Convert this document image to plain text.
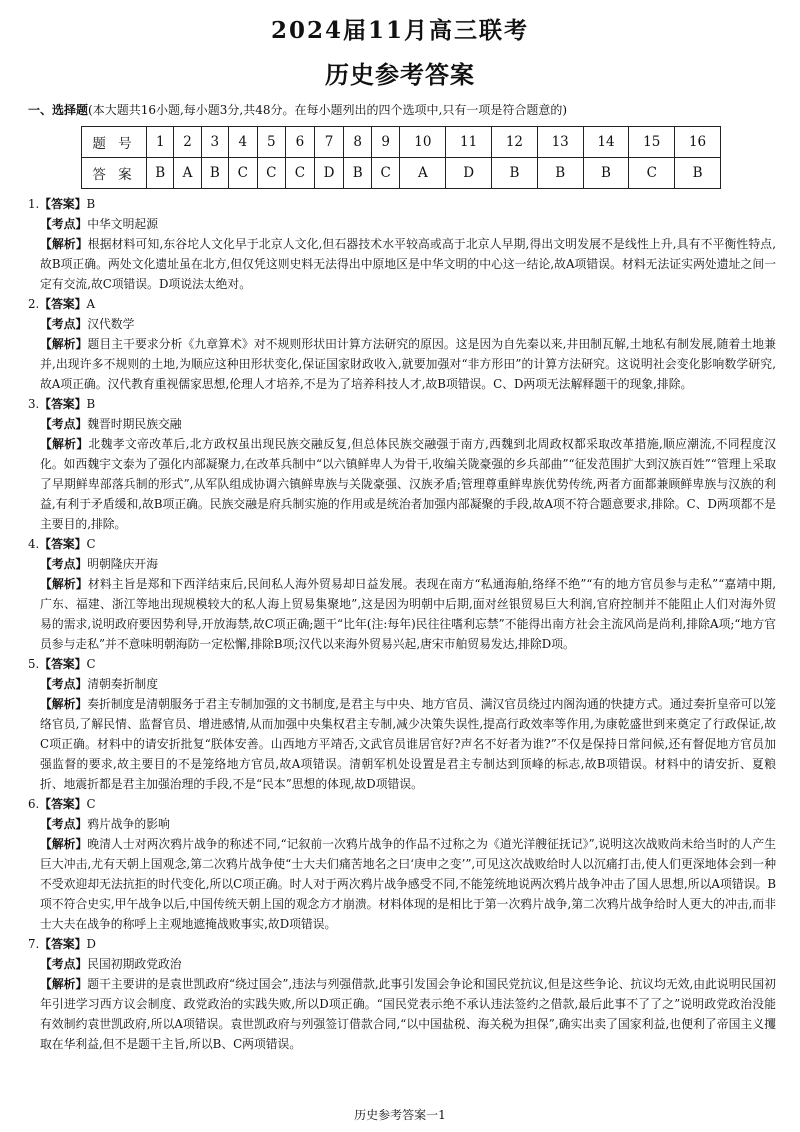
2024届11月高三联考
历史参考答案
一、选择题(本大题共16小题,每小题3分,共48分。在每小题列出的四个选项中,只有一项是符合题意的)
题 号	1	2	3	4	5	6	7	8	9	10	11	12	13	14	15	16
答 案	B	A	B	C	C	C	D	B	C	A	D	B	B	B	C	B
1.【答案】B
【考点】中华文明起源
【解析】根据材料可知,东谷坨人文化早于北京人文化,但石器技术水平较高或高于北京人早期,得出文明发展不是线性上升,具有不平衡性特点,故B项正确。两处文化遗址虽在北方,但仅凭这则史料无法得出中原地区是中华文明的中心这一结论,故A项错误。材料无法证实两处遗址之间一定有交流,故C项错误。D项说法太绝对。
2.【答案】A
【考点】汉代数学
【解析】题目主干要求分析《九章算术》对不规则形状田计算方法研究的原因。这是因为自先秦以来,井田制瓦解,土地私有制发展,随着土地兼并,出现许多不规则的土地,为顺应这种田形状变化,保证国家財政收入,就要加强对“非方形田”的计算方法研究。这说明社会变化影响数学研究,故A项正确。汉代教育重视儒家思想,伦理人才培养,不是为了培养科技人才,故B项错误。C、D两项无法解释题干的现象,排除。
3.【答案】B
【考点】魏晋时期民族交融
【解析】北魏孝文帝改革后,北方政权虽出现民族交融反复,但总体民族交融强于南方,西魏到北周政权都采取改革措施,顺应潮流,不同程度汉化。如西魏宇文泰为了强化内部凝聚力,在改革兵制中“以六镇鲜卑人为骨干,收编关陇豪强的乡兵部曲”“征发范围扩大到汉族百姓”“管理上采取了早期鲜卑部落兵制的形式”,从军队组成协调六镇鲜卑族与关陇豪强、汉族矛盾;管理尊重鲜卑族优势传统,两者方面都兼顾鲜卑族与汉族的利益,有利于矛盾缓和,故B项正确。民族交融是府兵制实施的作用或是统治者加强内部凝聚的手段,故A项不符合题意要求,排除。C、D两项都不是主要目的,排除。
4.【答案】C
【考点】明朝隆庆开海
【解析】材料主旨是郑和下西洋结束后,民间私人海外贸易却日益发展。表现在南方“私通海舶,络绎不绝”“有的地方官员参与走私”“嘉靖中期,广东、福建、浙江等地出现规模较大的私人海上贸易集聚地”,这是因为明朝中后期,面对丝银贸易巨大利润,官府控制并不能阻止人们对海外贸易的需求,说明政府要因势利导,开放海禁,故C项正确;题干“比年(注:每年)民往往嗜利忘禁”不能得出南方社会主流风尚是尚利,排除A项;“地方官员参与走私”并不意味明朝海防一定松懈,排除B项;汉代以来海外贸易兴起,唐宋市舶贸易发达,排除D项。
5.【答案】C
【考点】清朝奏折制度
【解析】奏折制度是清朝服务于君主专制加强的文书制度,是君主与中央、地方官员、满汉官员绕过内阁沟通的快捷方式。通过奏折皇帝可以笼络官员,了解民情、监督官员、增进感情,从而加强中央集权君主专制,减少决策失误性,提高行政效率等作用,为康乾盛世到来奠定了行政保证,故C项正确。材料中的请安折批复“朕体安善。山西地方平靖否,文武官员谁居官好?声名不好者为谁?”不仅是保持日常问候,还有督促地方官员加强监督的要求,故主要目的不是笼络地方官员,故A项错误。清朝军机处设置是君主专制达到顶峰的标志,故B项错误。材料中的请安折、夏粮折、地震折都是君主加强治理的手段,不是“民本”思想的体现,故D项错误。
6.【答案】C
【考点】鸦片战争的影响
【解析】晚清人士对两次鸦片战争的称述不同,“记叙前一次鸦片战争的作品不过称之为《道光洋艘征抚记》”,说明这次战败尚未给当时的人产生巨大冲击,尤有天朝上国观念,第二次鸦片战争使“士大夫们痛苦地名之曰‘庚申之变’”,可见这次战败给时人以沉痛打击,使人们更深地体会到一种不受欢迎却无法抗拒的时代变化,所以C项正确。时人对于两次鸦片战争感受不同,不能笼统地说两次鸦片战争冲击了国人思想,所以A项错误。B项不符合史实,甲午战争以后,中国传统天朝上国的观念方才崩溃。材料体现的是相比于第一次鸦片战争,第二次鸦片战争给时人更大的冲击,而非士大夫在战争的称呼上主观地遮掩战败事实,故D项错误。
7.【答案】D
【考点】民国初期政党政治
【解析】题干主要讲的是袁世凯政府“绕过国会”,违法与列强借款,此事引发国会争论和国民党抗议,但是这些争论、抗议均无效,由此说明民国初年引进学习西方议会制度、政党政治的实践失败,所以D项正确。“国民党表示绝不承认违法签约之借款,最后此事不了了之”说明政党政治没能有效制约袁世凯政府,所以A项错误。袁世凯政府与列强签订借款合同,“以中国盐税、海关税为担保”,确实出卖了国家利益,也便利了帝国主义攫取在华利益,但不是题干主旨,所以B、C两项错误。
历史参考答案一1
